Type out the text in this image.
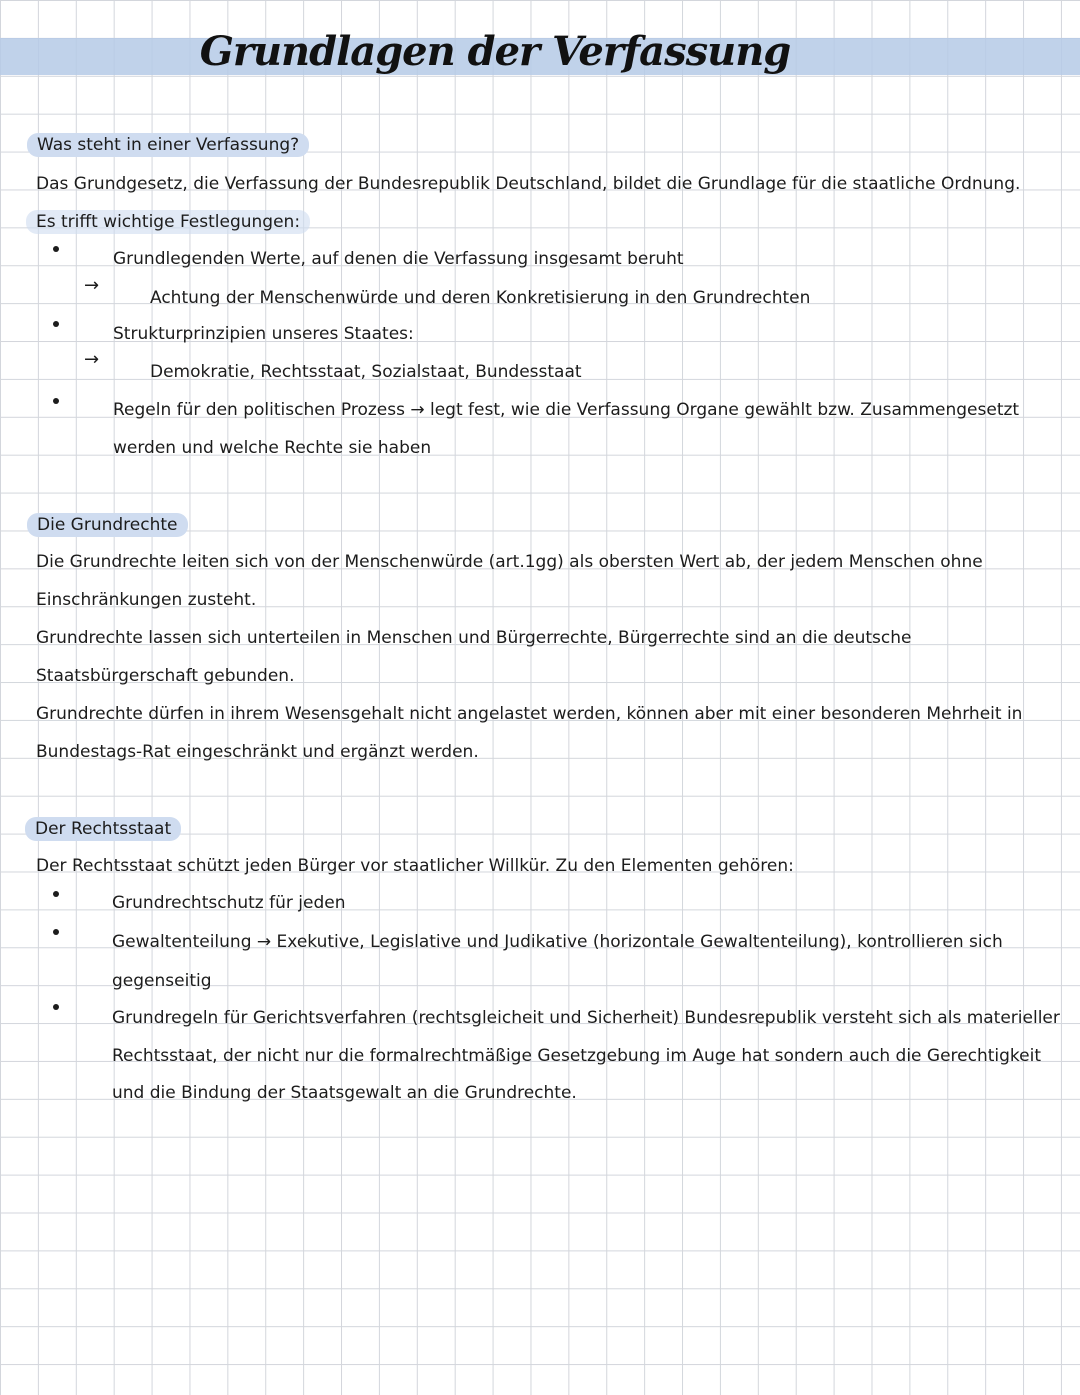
Grundlagen der Verfassung
Was steht in einer Verfassung?
Das Grundgesetz, die Verfassung der Bundesrepublik Deutschland, bildet die Grundlage für die staatliche Ordnung.
Es trifft wichtige Festlegungen:
Grundlegenden Werte, auf denen die Verfassung insgesamt beruht
→
Achtung der Menschenwürde und deren Konkretisierung in den Grundrechten
Strukturprinzipien unseres Staates:
→
Demokratie, Rechtsstaat, Sozialstaat, Bundesstaat
Regeln für den politischen Prozess → legt fest, wie die Verfassung Organe gewählt bzw. Zusammengesetzt
werden und welche Rechte sie haben
Die Grundrechte
Die Grundrechte leiten sich von der Menschenwürde (art.1gg) als obersten Wert ab, der jedem Menschen ohne
Einschränkungen zusteht.
Grundrechte lassen sich unterteilen in Menschen und Bürgerrechte, Bürgerrechte sind an die deutsche
Staatsbürgerschaft gebunden.
Grundrechte dürfen in ihrem Wesensgehalt nicht angelastet werden, können aber mit einer besonderen Mehrheit in
Bundestags-Rat eingeschränkt und ergänzt werden.
Der Rechtsstaat
Der Rechtsstaat schützt jeden Bürger vor staatlicher Willkür. Zu den Elementen gehören:
Grundrechtschutz für jeden
Gewaltenteilung → Exekutive, Legislative und Judikative (horizontale Gewaltenteilung), kontrollieren sich
gegenseitig
Grundregeln für Gerichtsverfahren (rechtsgleicheit und Sicherheit) Bundesrepublik versteht sich als materieller
Rechtsstaat, der nicht nur die formalrechtmäßige Gesetzgebung im Auge hat sondern auch die Gerechtigkeit
und die Bindung der Staatsgewalt an die Grundrechte.
